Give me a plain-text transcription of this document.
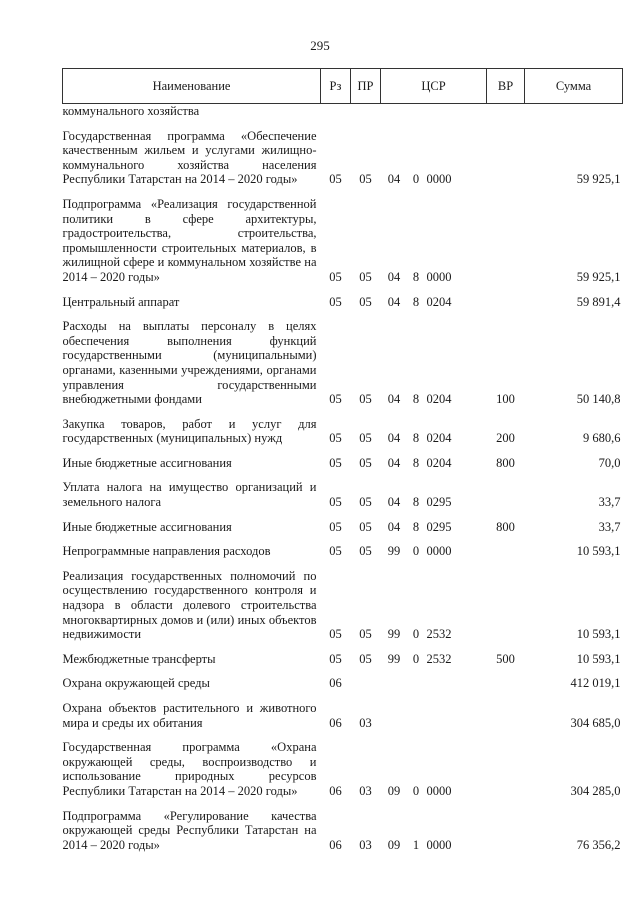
295
Наименование	Рз	ПР	ЦСР			ВР	Сумма
коммунального хозяйства							

Государственная программа «Обеспечение качественным жильем и услугами жилищно-коммунального хозяйства населения Республики Татарстан на 2014 – 2020 годы»	05	05	04	0	0000		59 925,1

Подпрограмма «Реализация государственной политики в сфере архитектуры, градостроительства, строительства, промышленности строительных материалов, в жилищной сфере и коммунальном хозяйстве на 2014 – 2020 годы»	05	05	04	8	0000		59 925,1

Центральный аппарат	05	05	04	8	0204		59 891,4

Расходы на выплаты персоналу в целях обеспечения выполнения функций государственными (муниципальными) органами, казенными учреждениями, органами управления государственными внебюджетными фондами	05	05	04	8	0204	100	50 140,8

Закупка товаров, работ и услуг для государственных (муниципальных) нужд	05	05	04	8	0204	200	9 680,6

Иные бюджетные ассигнования	05	05	04	8	0204	800	70,0

Уплата налога на имущество организаций и земельного налога	05	05	04	8	0295		33,7

Иные бюджетные ассигнования	05	05	04	8	0295	800	33,7

Непрограммные направления расходов	05	05	99	0	0000		10 593,1

Реализация государственных полномочий по осуществлению государственного контроля и надзора в области долевого строительства многоквартирных домов и (или) иных объектов недвижимости	05	05	99	0	2532		10 593,1

Межбюджетные трансферты	05	05	99	0	2532	500	10 593,1

Охрана окружающей среды	06						412 019,1

Охрана объектов растительного и животного мира и среды их обитания	06	03					304 685,0

Государственная программа «Охрана окружающей среды, воспроизводство и использование природных ресурсов Республики Татарстан на 2014 – 2020 годы»	06	03	09	0	0000		304 285,0

Подпрограмма «Регулирование качества окружающей среды Республики Татарстан на 2014 – 2020 годы»	06	03	09	1	0000		76 356,2
